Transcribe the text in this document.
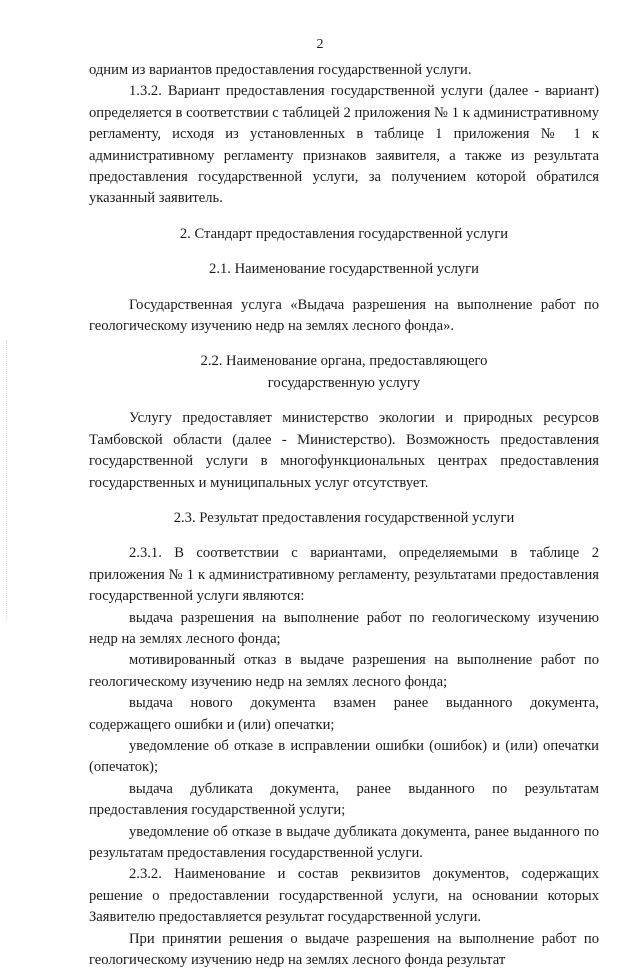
2

одним из вариантов предоставления государственной услуги.

1.3.2. Вариант предоставления государственной услуги (далее - вариант) определяется в соответствии с таблицей 2 приложения № 1 к административному регламенту, исходя из установленных в таблице 1 приложения № 1 к административному регламенту признаков заявителя, а также из результата предоставления государственной услуги, за получением которой обратился указанный заявитель.

2. Стандарт предоставления государственной услуги

2.1. Наименование государственной услуги

Государственная услуга «Выдача разрешения на выполнение работ по геологическому изучению недр на землях лесного фонда».

2.2. Наименование органа, предоставляющего

государственную услугу

Услугу предоставляет министерство экологии и природных ресурсов Тамбовской области (далее - Министерство). Возможность предоставления государственной услуги в многофункциональных центрах предоставления государственных и муниципальных услуг отсутствует.

2.3. Результат предоставления государственной услуги

2.3.1. В соответствии с вариантами, определяемыми в таблице 2 приложения № 1 к административному регламенту, результатами предоставления государственной услуги являются:

выдача разрешения на выполнение работ по геологическому изучению недр на землях лесного фонда;

мотивированный отказ в выдаче разрешения на выполнение работ по геологическому изучению недр на землях лесного фонда;

выдача нового документа взамен ранее выданного документа, содержащего ошибки и (или) опечатки;

уведомление об отказе в исправлении ошибки (ошибок) и (или) опечатки (опечаток);

выдача дубликата документа, ранее выданного по результатам предоставления государственной услуги;

уведомление об отказе в выдаче дубликата документа, ранее выданного по результатам предоставления государственной услуги.

2.3.2. Наименование и состав реквизитов документов, содержащих решение о предоставлении государственной услуги, на основании которых Заявителю предоставляется результат государственной услуги.

При принятии решения о выдаче разрешения на выполнение работ по геологическому изучению недр на землях лесного фонда результат
